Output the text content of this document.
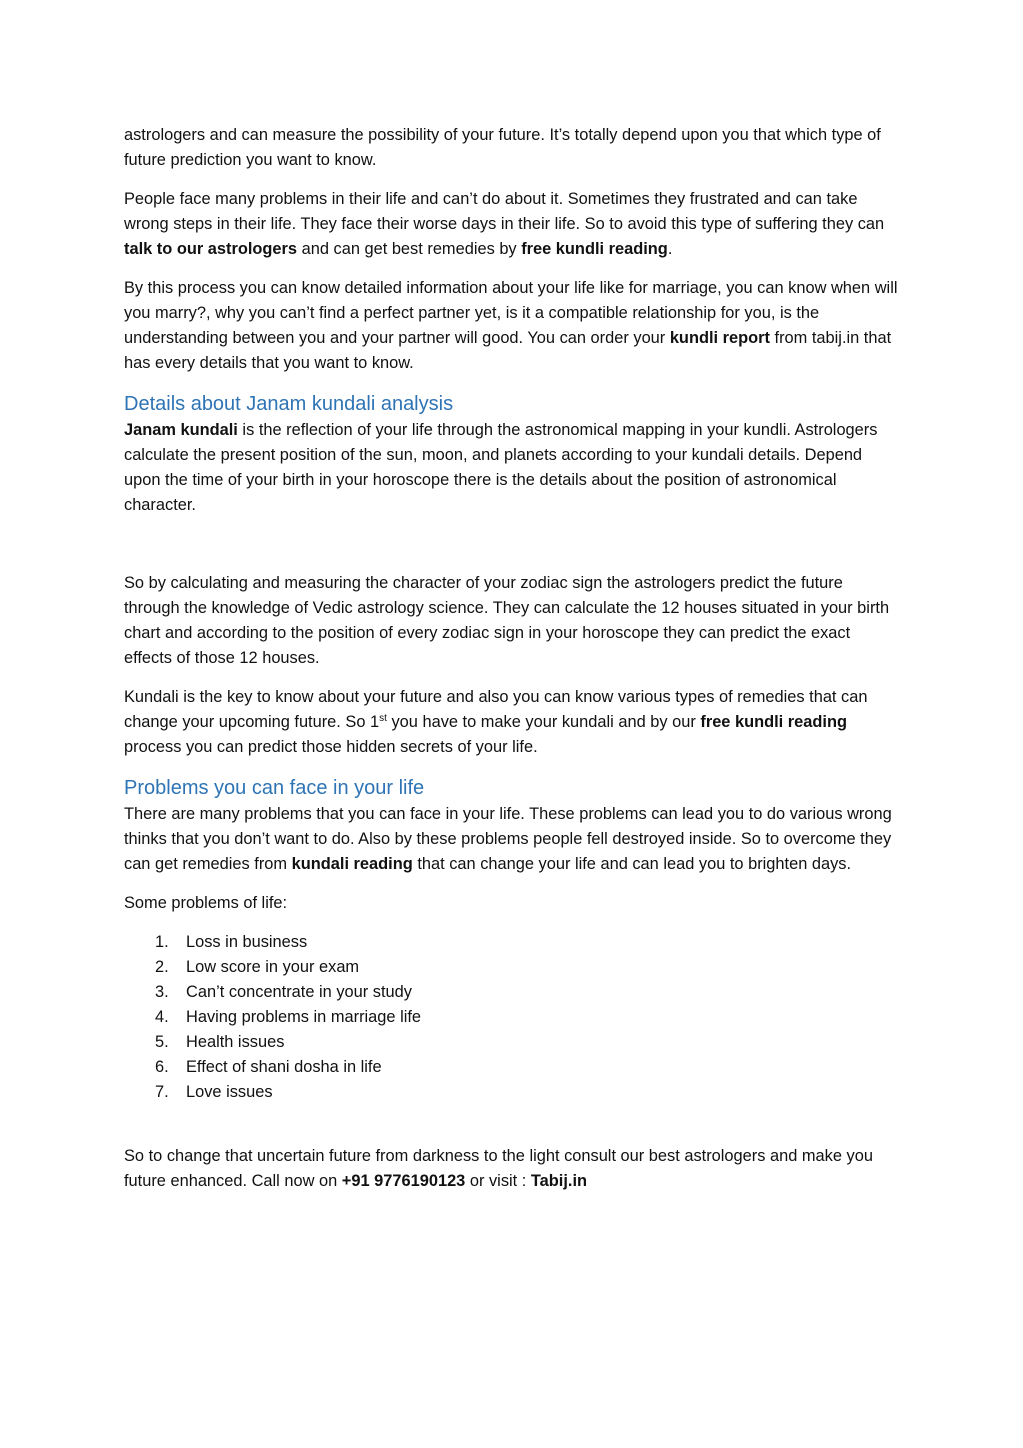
astrologers and can measure the possibility of your future. It’s totally depend upon you that which type of future prediction you want to know.

People face many problems in their life and can’t do about it. Sometimes they frustrated and can take wrong steps in their life. They face their worse days in their life. So to avoid this type of suffering they can talk to our astrologers and can get best remedies by free kundli reading.

By this process you can know detailed information about your life like for marriage, you can know when will you marry?, why you can’t find a perfect partner yet, is it a compatible relationship for you, is the understanding between you and your partner will good. You can order your kundli report from tabij.in that has every details that you want to know.

Details about Janam kundali analysis

Janam kundali is the reflection of your life through the astronomical mapping in your kundli. Astrologers calculate the present position of the sun, moon, and planets according to your kundali details. Depend upon the time of your birth in your horoscope there is the details about the position of astronomical character.

So by calculating and measuring the character of your zodiac sign the astrologers predict the future through the knowledge of Vedic astrology science. They can calculate the 12 houses situated in your birth chart and according to the position of every zodiac sign in your horoscope they can predict the exact effects of those 12 houses.

Kundali is the key to know about your future and also you can know various types of remedies that can change your upcoming future. So 1st you have to make your kundali and by our free kundli reading process you can predict those hidden secrets of your life.

Problems you can face in your life

There are many problems that you can face in your life. These problems can lead you to do various wrong thinks that you don’t want to do. Also by these problems people fell destroyed inside. So to overcome they can get remedies from kundali reading that can change your life and can lead you to brighten days.

Some problems of life:

1. Loss in business
2. Low score in your exam
3. Can’t concentrate in your study
4. Having problems in marriage life
5. Health issues
6. Effect of shani dosha in life
7. Love issues

So to change that uncertain future from darkness to the light consult our best astrologers and make you future enhanced. Call now on +91 9776190123 or visit : Tabij.in
